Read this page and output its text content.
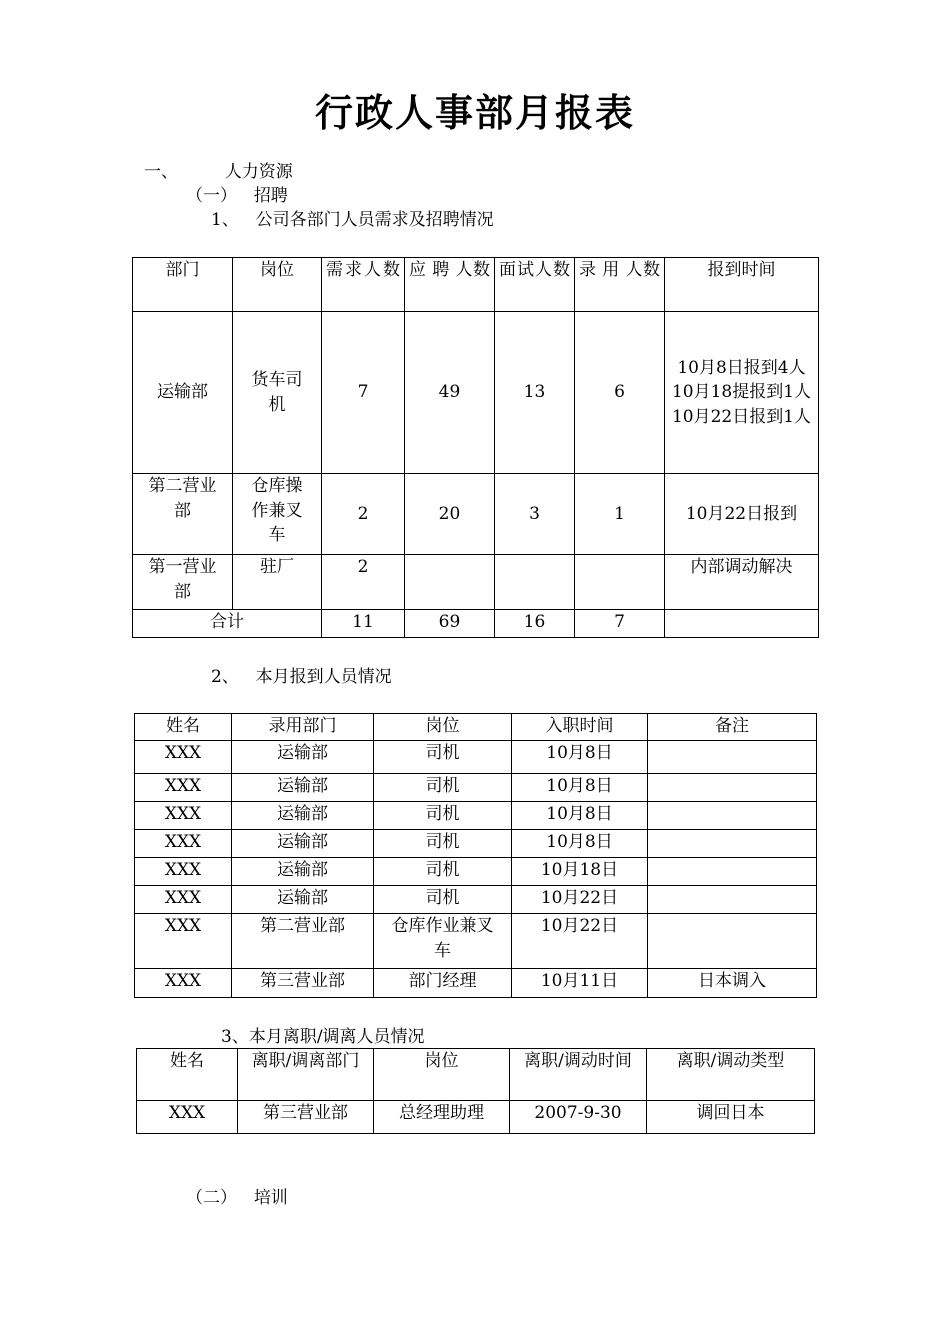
行政人事部月报表
一、	人力资源
（一） 招聘
1、 公司各部门人员需求及招聘情况
部门	岗位	需求人数	应 聘 人数	面试人数	录 用 人数	报到时间
运输部	货车司机	7	49	13	6	10月8日报到4人
10月18提报到1人
10月22日报到1人

第二营业部	仓库操作兼叉车	2	20	3	1	10月22日报到

第一营业部	驻厂	2				内部调动解决

合计		11	69	16	7	
2、 本月报到人员情况
姓名	录用部门	岗位	入职时间	备注
XXX	运输部	司机	10月8日	
XXX	运输部	司机	10月8日	
XXX	运输部	司机	10月8日	
XXX	运输部	司机	10月8日	
XXX	运输部	司机	10月18日	
XXX	运输部	司机	10月22日	
XXX	第二营业部	仓库作业兼叉车	10月22日	
XXX	第三营业部	部门经理	10月11日	日本调入
3、本月离职/调离人员情况
姓名	离职/调离部门	岗位	离职/调动时间	离职/调动类型
XXX	第三营业部	总经理助理	2007-9-30	调回日本
（二） 培训
